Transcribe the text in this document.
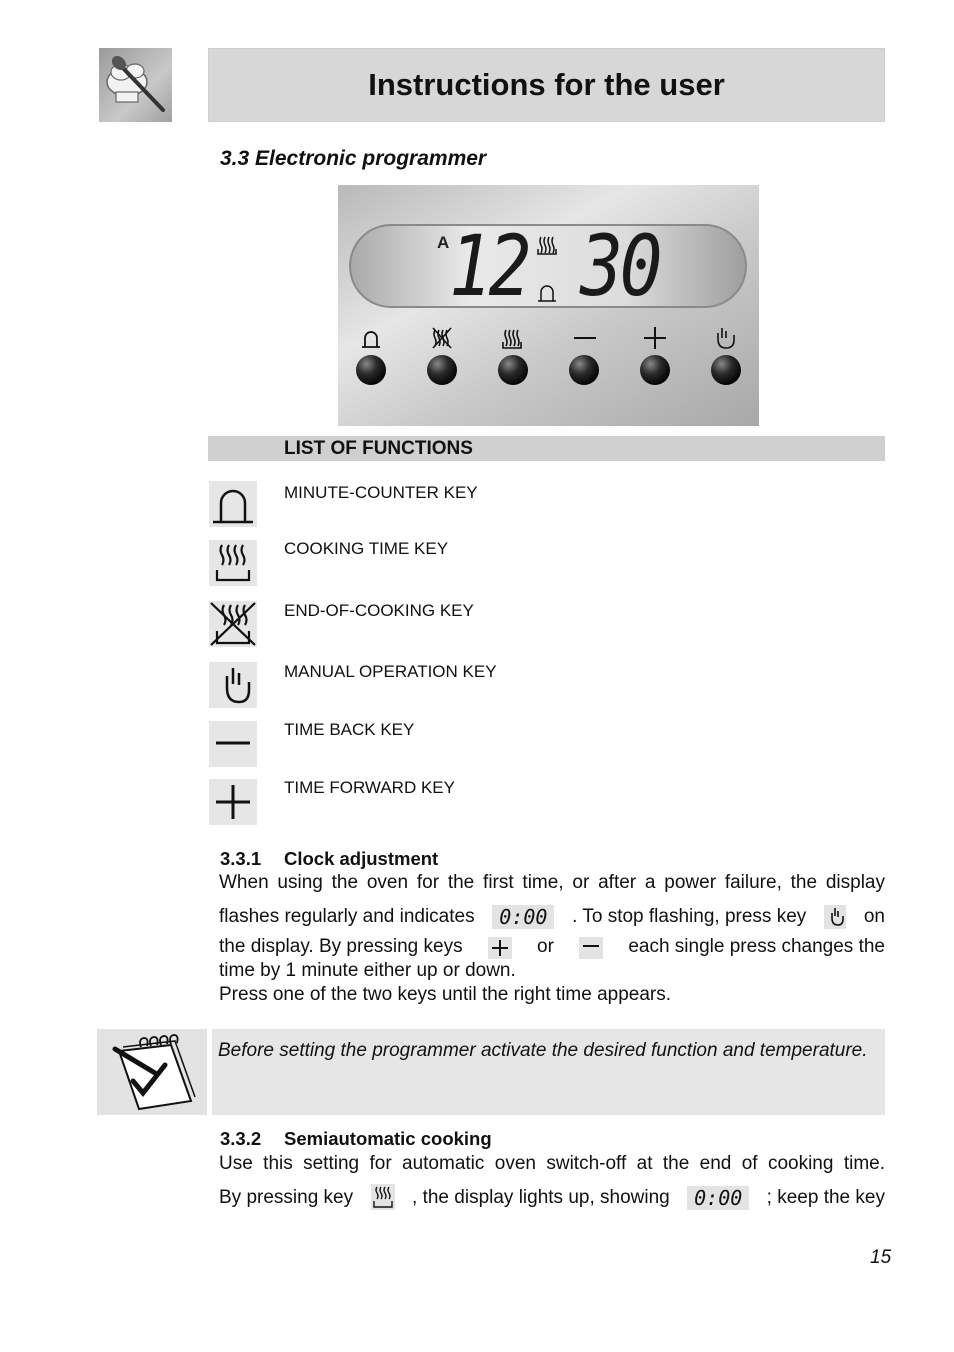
Instructions for the user
3.3 Electronic programmer
A 12 30
LIST OF FUNCTIONS
MINUTE-COUNTER KEY
COOKING TIME KEY
END-OF-COOKING KEY
MANUAL OPERATION KEY
TIME BACK KEY
TIME FORWARD KEY
3.3.1 Clock adjustment
When using the oven for the first time, or after a power failure, the display
flashes regularly and indicates	0:00	. To stop flashing, press key	on
the display. By pressing keys	or	each single press changes the
time by 1 minute either up or down.
Press one of the two keys until the right time appears.
Before setting the programmer activate the desired function and temperature.
3.3.2 Semiautomatic cooking
Use this setting for automatic oven switch-off at the end of cooking time.
By pressing key	, the display lights up, showing	0:00	; keep the key
15
